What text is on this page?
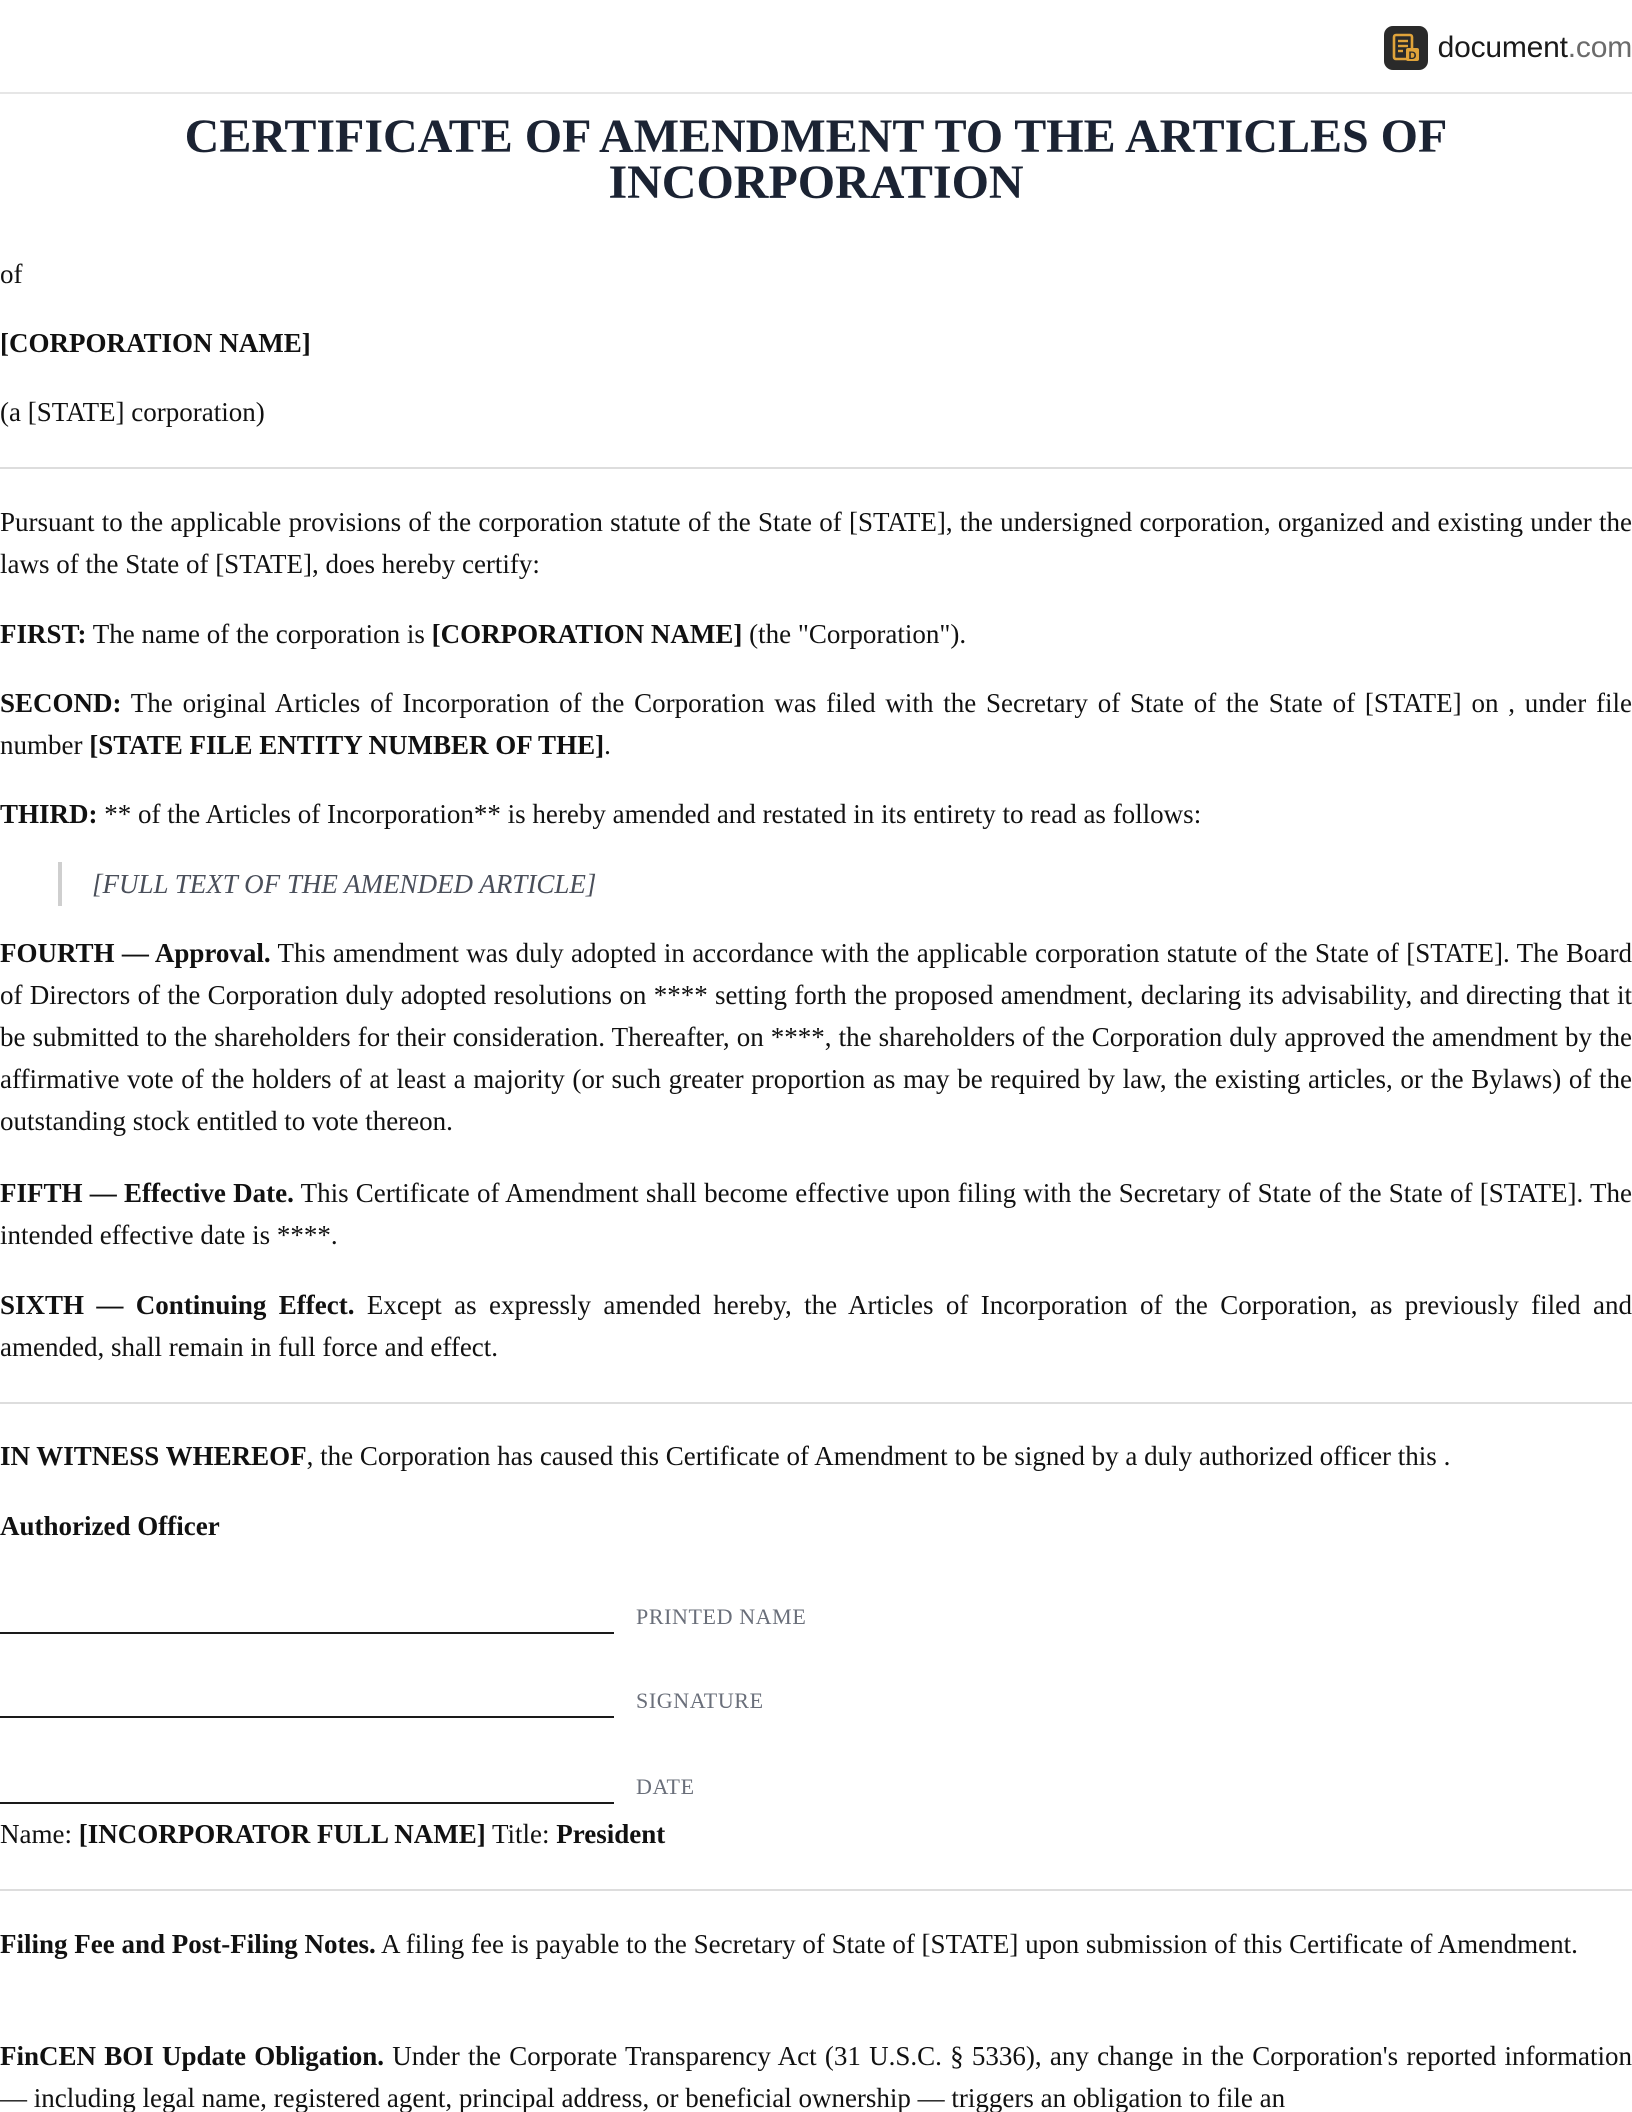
D document.com
CERTIFICATE OF AMENDMENT TO THE ARTICLES OF
INCORPORATION

of

[CORPORATION NAME]

(a [STATE] corporation)

Pursuant to the applicable provisions of the corporation statute of the State of [STATE], the undersigned corporation, organized and existing under the laws of the State of [STATE], does hereby certify:

FIRST: The name of the corporation is [CORPORATION NAME] (the "Corporation").

SECOND: The original Articles of Incorporation of the Corporation was filed with the Secretary of State of the State of [STATE] on , under file number [STATE FILE ENTITY NUMBER OF THE].

THIRD: ** of the Articles of Incorporation** is hereby amended and restated in its entirety to read as follows:

[FULL TEXT OF THE AMENDED ARTICLE]

FOURTH — Approval. This amendment was duly adopted in accordance with the applicable corporation statute of the State of [STATE]. The Board of Directors of the Corporation duly adopted resolutions on **** setting forth the proposed amendment, declaring its advisability, and directing that it be submitted to the shareholders for their consideration. Thereafter, on ****, the shareholders of the Corporation duly approved the amendment by the affirmative vote of the holders of at least a majority (or such greater proportion as may be required by law, the existing articles, or the Bylaws) of the outstanding stock entitled to vote thereon.

FIFTH — Effective Date. This Certificate of Amendment shall become effective upon filing with the Secretary of State of the State of [STATE]. The intended effective date is ****.

SIXTH — Continuing Effect. Except as expressly amended hereby, the Articles of Incorporation of the Corporation, as previously filed and amended, shall remain in full force and effect.

IN WITNESS WHEREOF, the Corporation has caused this Certificate of Amendment to be signed by a duly authorized officer this .

Authorized Officer

PRINTED NAME
SIGNATURE
DATE

Name: [INCORPORATOR FULL NAME] Title: President

Filing Fee and Post-Filing Notes. A filing fee is payable to the Secretary of State of [STATE] upon submission of this Certificate of Amendment.

FinCEN BOI Update Obligation. Under the Corporate Transparency Act (31 U.S.C. § 5336), any change in the Corporation's reported information — including legal name, registered agent, principal address, or beneficial ownership — triggers an obligation to file an
